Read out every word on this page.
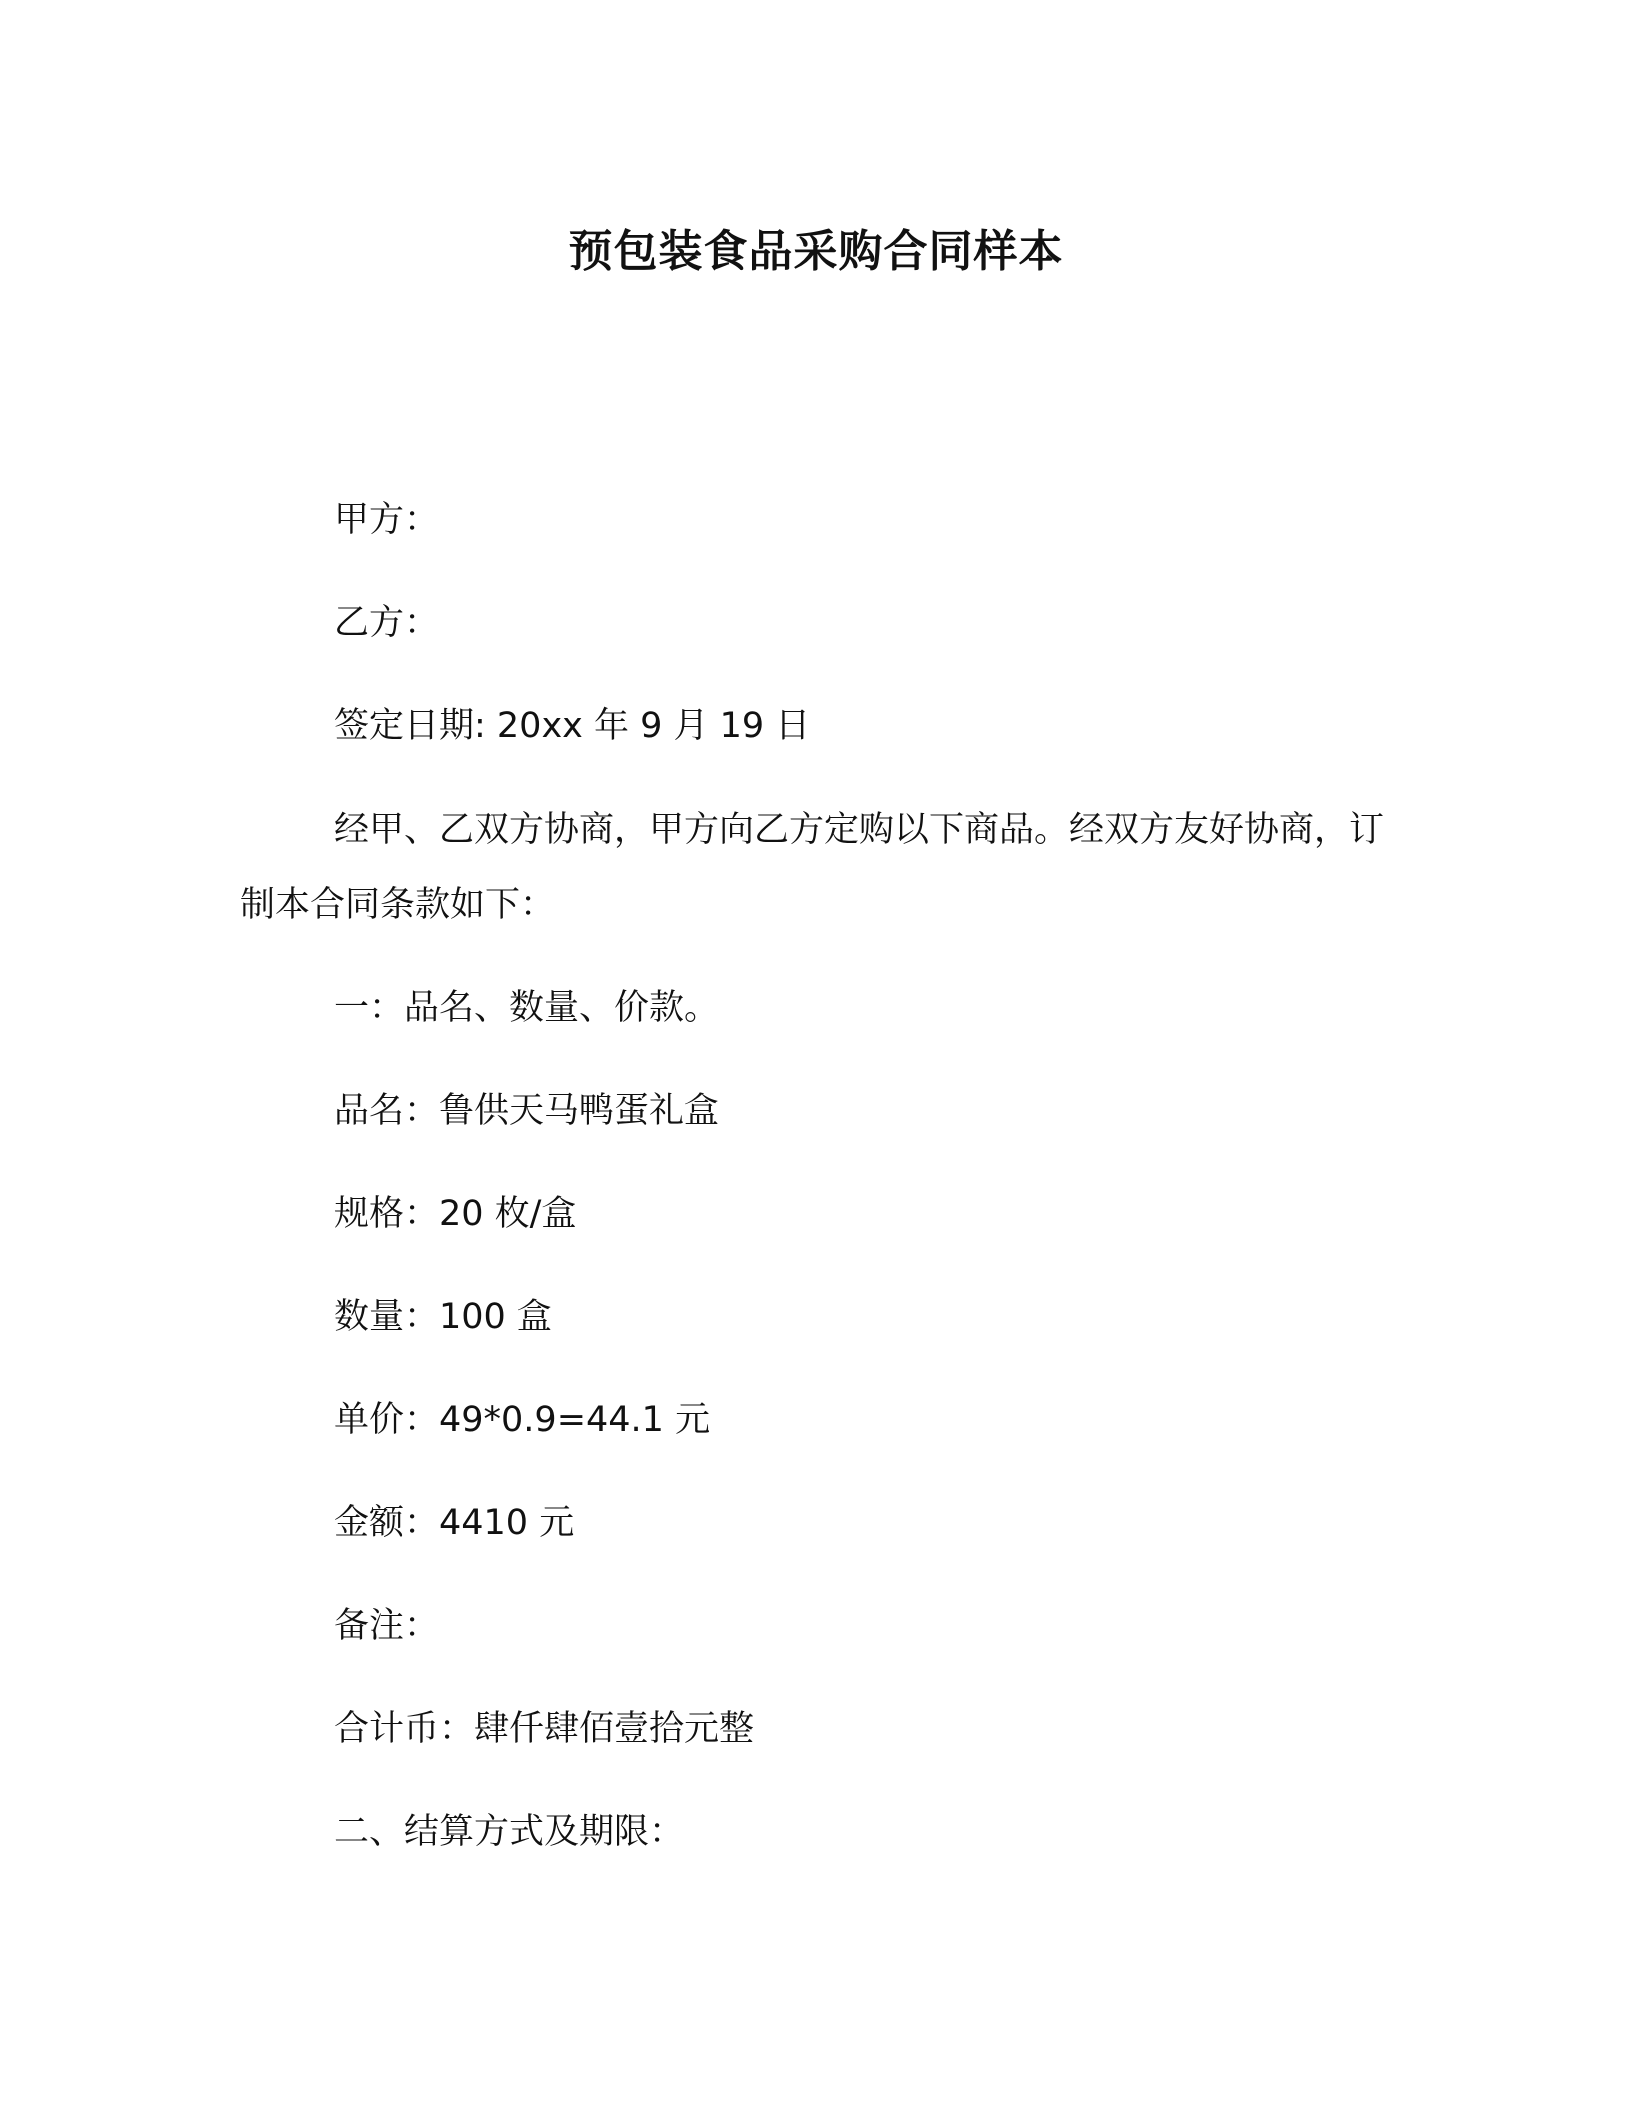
预包装食品采购合同样本
甲方：
乙方：
签定日期: 20xx 年 9 月 19 日
经甲、乙双方协商，甲方向乙方定购以下商品。经双方友好协商，订制本合同条款如下：
一：品名、数量、价款。
品名：鲁供天马鸭蛋礼盒
规格：20 枚/盒
数量：100 盒
单价：49*0.9=44.1 元
金额：4410 元
备注：
合计币：肆仟肆佰壹拾元整
二、结算方式及期限：
